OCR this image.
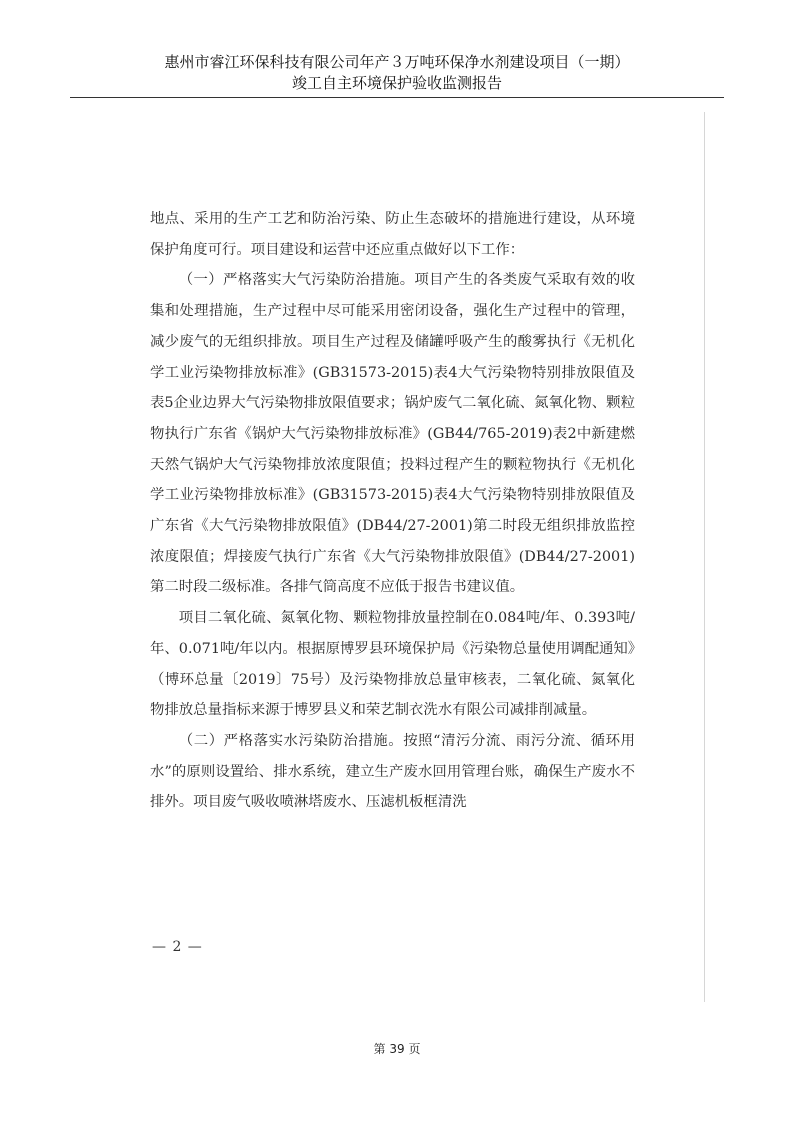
惠州市睿江环保科技有限公司年产３万吨环保净水剂建设项目（一期）
竣工自主环境保护验收监测报告

地点、采用的生产工艺和防治污染、防止生态破坏的措施进行建设，从环境保护角度可行。项目建设和运营中还应重点做好以下工作：

（一）严格落实大气污染防治措施。项目产生的各类废气采取有效的收集和处理措施，生产过程中尽可能采用密闭设备，强化生产过程中的管理，减少废气的无组织排放。项目生产过程及储罐呼吸产生的酸雾执行《无机化学工业污染物排放标准》(GB31573-2015)表4大气污染物特别排放限值及表5企业边界大气污染物排放限值要求；锅炉废气二氧化硫、氮氧化物、颗粒物执行广东省《锅炉大气污染物排放标准》(GB44/765-2019)表2中新建燃天然气锅炉大气污染物排放浓度限值；投料过程产生的颗粒物执行《无机化学工业污染物排放标准》(GB31573-2015)表4大气污染物特别排放限值及广东省《大气污染物排放限值》(DB44/27-2001)第二时段无组织排放监控浓度限值；焊接废气执行广东省《大气污染物排放限值》(DB44/27-2001)第二时段二级标准。各排气筒高度不应低于报告书建议值。

项目二氧化硫、氮氧化物、颗粒物排放量控制在0.084吨/年、0.393吨/年、0.071吨/年以内。根据原博罗县环境保护局《污染物总量使用调配通知》（博环总量〔2019〕75号）及污染物排放总量审核表，二氧化硫、氮氧化物排放总量指标来源于博罗县义和荣艺制衣洗水有限公司减排削减量。

（二）严格落实水污染防治措施。按照“清污分流、雨污分流、循环用水”的原则设置给、排水系统，建立生产废水回用管理台账，确保生产废水不排外。项目废气吸收喷淋塔废水、压滤机板框清洗

— 2 —
第 39 页
